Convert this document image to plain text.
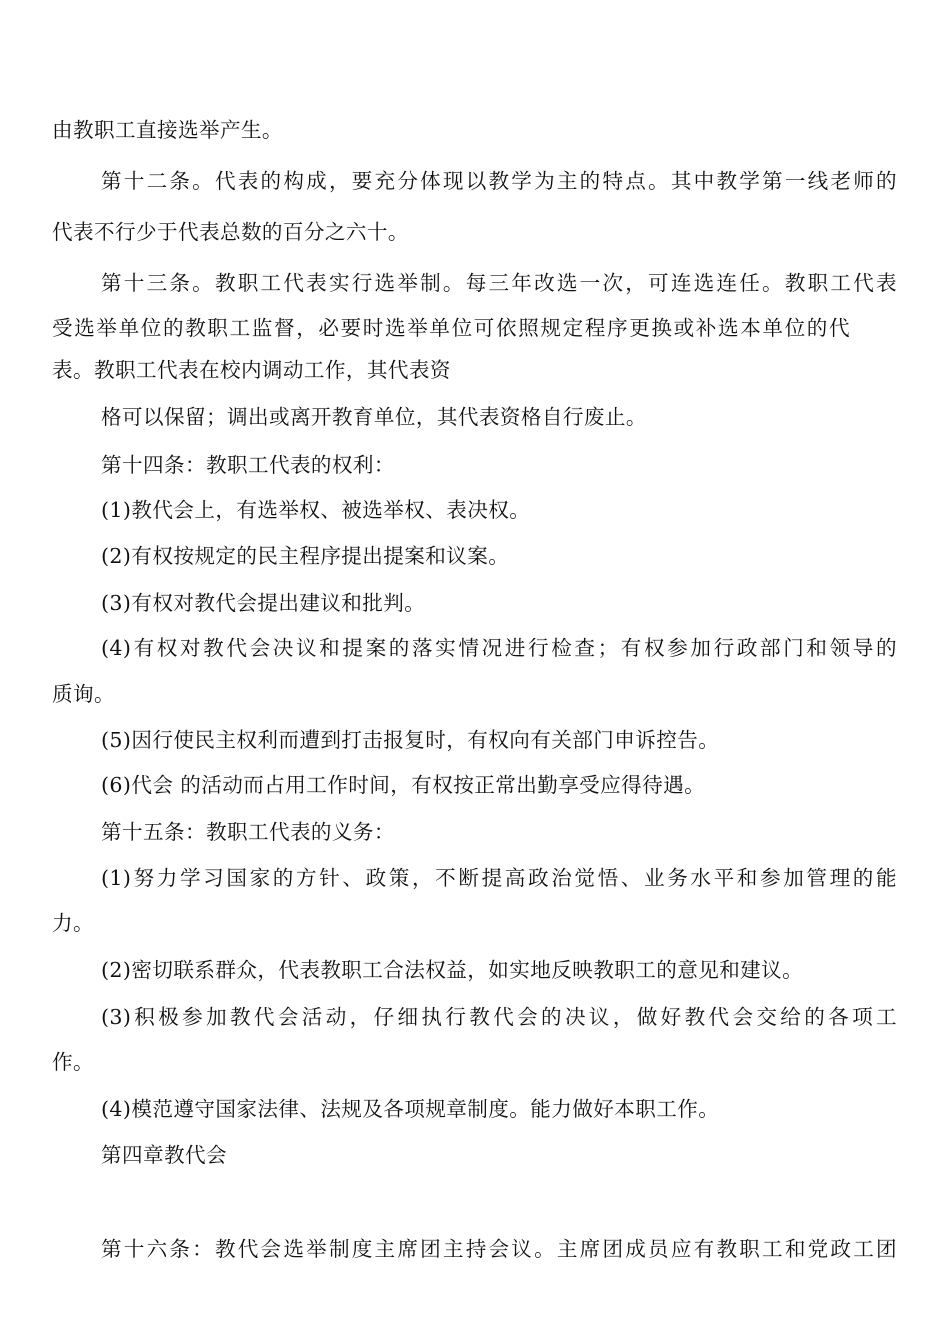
由教职工直接选举产生。
第十二条。代表的构成，要充分体现以教学为主的特点。其中教学第一线老师的
代表不行少于代表总数的百分之六十。
第十三条。教职工代表实行选举制。每三年改选一次，可连选连任。教职工代表
受选举单位的教职工监督，必要时选举单位可依照规定程序更换或补选本单位的代
表。教职工代表在校内调动工作，其代表资
格可以保留；调出或离开教育单位，其代表资格自行废止。
第十四条：教职工代表的权利：
(1)教代会上，有选举权、被选举权、表决权。
(2)有权按规定的民主程序提出提案和议案。
(3)有权对教代会提出建议和批判。
(4)有权对教代会决议和提案的落实情况进行检查；有权参加行政部门和领导的
质询。
(5)因行使民主权利而遭到打击报复时，有权向有关部门申诉控告。
(6)代会 的活动而占用工作时间，有权按正常出勤享受应得待遇。
第十五条：教职工代表的义务：
(1)努力学习国家的方针、政策，不断提高政治觉悟、业务水平和参加管理的能
力。
(2)密切联系群众，代表教职工合法权益，如实地反映教职工的意见和建议。
(3)积极参加教代会活动，仔细执行教代会的决议，做好教代会交给的各项工
作。
(4)模范遵守国家法律、法规及各项规章制度。能力做好本职工作。
第四章教代会
第十六条：教代会选举制度主席团主持会议。主席团成员应有教职工和党政工团
